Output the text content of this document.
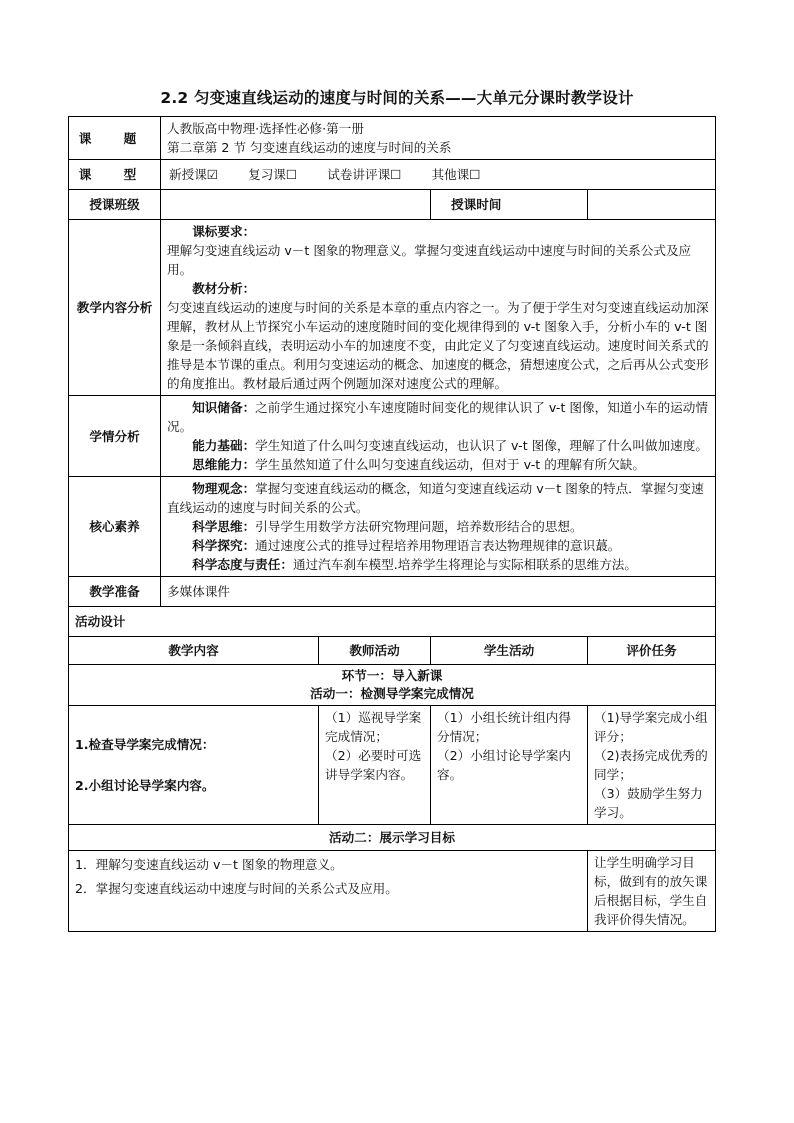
2.2 匀变速直线运动的速度与时间的关系——大单元分课时教学设计
课 题	人教版高中物理·选择性必修·第一册
第二章第 2 节 匀变速直线运动的速度与时间的关系			

课 型	新授课☑ 复习课☐ 试卷讲评课☐ 其他课☐			
授课班级			授课时间	
教学内容分析	课标要求：
理解匀变速直线运动 v－t 图象的物理意义。掌握匀变速直线运动中速度与时间的关系公式及应用。
教材分析：
匀变速直线运动的速度与时间的关系是本章的重点内容之一。为了便于学生对匀变速直线运动加深理解，教材从上节探究小车运动的速度随时间的变化规律得到的 v-t 图象入手，分析小车的 v-t 图象是一条倾斜直线，表明运动小车的加速度不变，由此定义了匀变速直线运动。速度时间关系式的推导是本节课的重点。利用匀变速运动的概念、加速度的概念，猜想速度公式，之后再从公式变形的角度推出。教材最后通过两个例题加深对速度公式的理解。			

学情分析	知识储备：之前学生通过探究小车速度随时间变化的规律认识了 v-t 图像，知道小车的运动情况。
能力基础：学生知道了什么叫匀变速直线运动，也认识了 v-t 图像，理解了什么叫做加速度。
思维能力：学生虽然知道了什么叫匀变速直线运动，但对于 v-t 的理解有所欠缺。			

核心素养	物理观念：掌握匀变速直线运动的概念，知道匀变速直线运动 v－t 图象的特点．掌握匀变速直线运动的速度与时间关系的公式。
科学思维：引导学生用数学方法研究物理问题，培养数形结合的思想。
科学探究：通过速度公式的推导过程培养用物理语言表达物理规律的意识蕞。
科学态度与责任：通过汽车刹车模型.培养学生将理论与实际相联系的思维方法。			

教学准备	多媒体课件			
活动设计				
教学内容		教师活动	学生活动	评价任务

环节一：导入新课
活动一：检测导学案完成情况				

1.检查导学案完成情况：
2.小组讨论导学案内容。		（1）巡视导学案完成情况；
（2）必要时可选讲导学案内容。	（1）小组长统计组内得分情况；
（2）小组讨论导学案内容。	（1)导学案完成小组评分；
（2)表扬完成优秀的同学；
（3）鼓励学生努力学习。
活动二：展示学习目标				

1．理解匀变速直线运动 v－t 图象的物理意义。
2．掌握匀变速直线运动中速度与时间的关系公式及应用。				让学生明确学习目标，做到有的放矢课后根据目标，学生自我评价得失情况。
